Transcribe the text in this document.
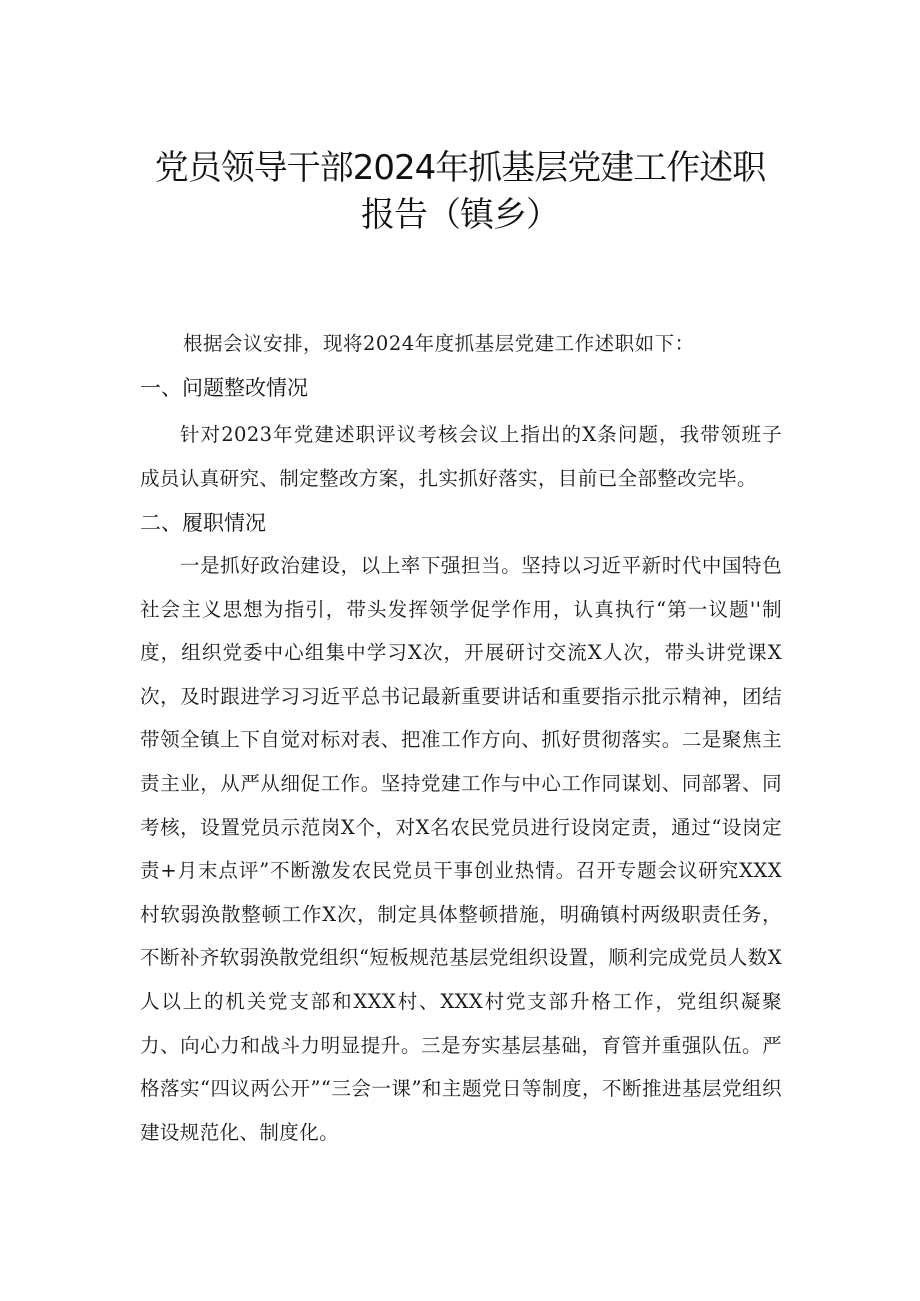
党员领导干部2024年抓基层党建工作述职
报告（镇乡）
根据会议安排，现将2024年度抓基层党建工作述职如下：
一、问题整改情况
针对2023年党建述职评议考核会议上指出的X条问题，我带领班子成员认真研究、制定整改方案，扎实抓好落实，目前已全部整改完毕。
二、履职情况
一是抓好政治建设，以上率下强担当。坚持以习近平新时代中国特色社会主义思想为指引，带头发挥领学促学作用，认真执行“第一议题''制度，组织党委中心组集中学习X次，开展研讨交流X人次，带头讲党课X次，及时跟进学习习近平总书记最新重要讲话和重要指示批示精神，团结带领全镇上下自觉对标对表、把准工作方向、抓好贯彻落实。二是聚焦主责主业，从严从细促工作。坚持党建工作与中心工作同谋划、同部署、同考核，设置党员示范岗X个，对X名农民党员进行设岗定责，通过“设岗定责+月末点评”不断激发农民党员干事创业热情。召开专题会议研究XXX村软弱涣散整顿工作X次，制定具体整顿措施，明确镇村两级职责任务，不断补齐软弱涣散党组织“短板规范基层党组织设置，顺利完成党员人数X人以上的机关党支部和XXX村、XXX村党支部升格工作，党组织凝聚力、向心力和战斗力明显提升。三是夯实基层基础，育管并重强队伍。严格落实“四议两公开”“三会一课”和主题党日等制度，不断推进基层党组织建设规范化、制度化。
